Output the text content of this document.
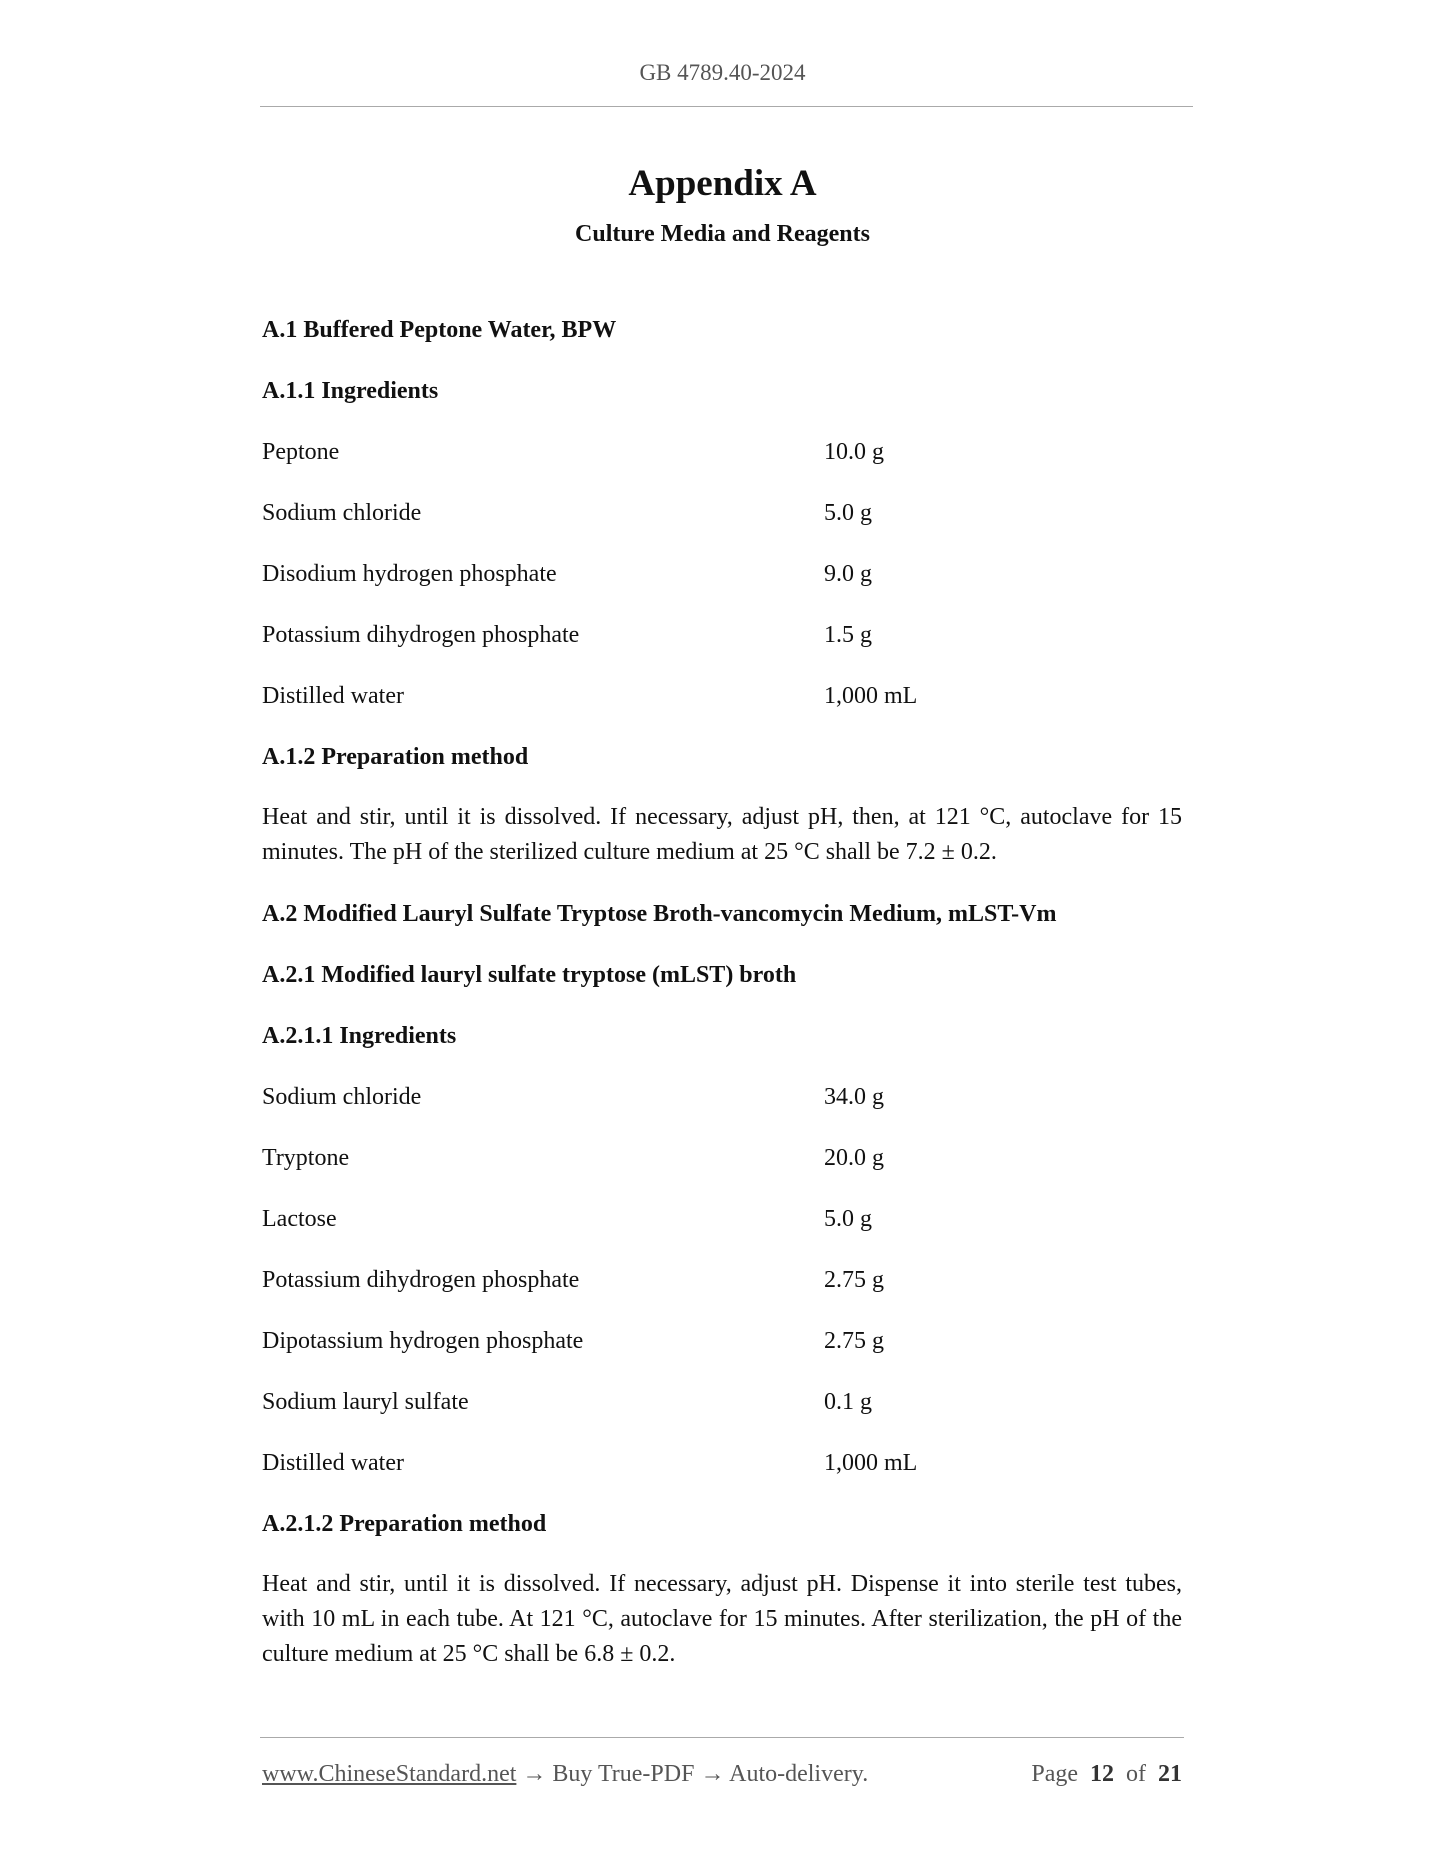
GB 4789.40-2024
Appendix A
Culture Media and Reagents
A.1 Buffered Peptone Water, BPW
A.1.1 Ingredients
Peptone	10.0 g
Sodium chloride	5.0 g
Disodium hydrogen phosphate	9.0 g
Potassium dihydrogen phosphate	1.5 g
Distilled water	1,000 mL
A.1.2 Preparation method

Heat and stir, until it is dissolved. If necessary, adjust pH, then, at 121 °C, autoclave for 15 minutes. The pH of the sterilized culture medium at 25 °C shall be 7.2 ± 0.2.

A.2 Modified Lauryl Sulfate Tryptose Broth-vancomycin Medium, mLST-Vm
A.2.1 Modified lauryl sulfate tryptose (mLST) broth
A.2.1.1 Ingredients
Sodium chloride	34.0 g
Tryptone	20.0 g
Lactose	5.0 g
Potassium dihydrogen phosphate	2.75 g
Dipotassium hydrogen phosphate	2.75 g
Sodium lauryl sulfate	0.1 g
Distilled water	1,000 mL
A.2.1.2 Preparation method

Heat and stir, until it is dissolved. If necessary, adjust pH. Dispense it into sterile test tubes, with 10 mL in each tube. At 121 °C, autoclave for 15 minutes. After sterilization, the pH of the culture medium at 25 °C shall be 6.8 ± 0.2.

www.ChineseStandard.net → Buy True-PDF → Auto-delivery.	Page 12 of 21
